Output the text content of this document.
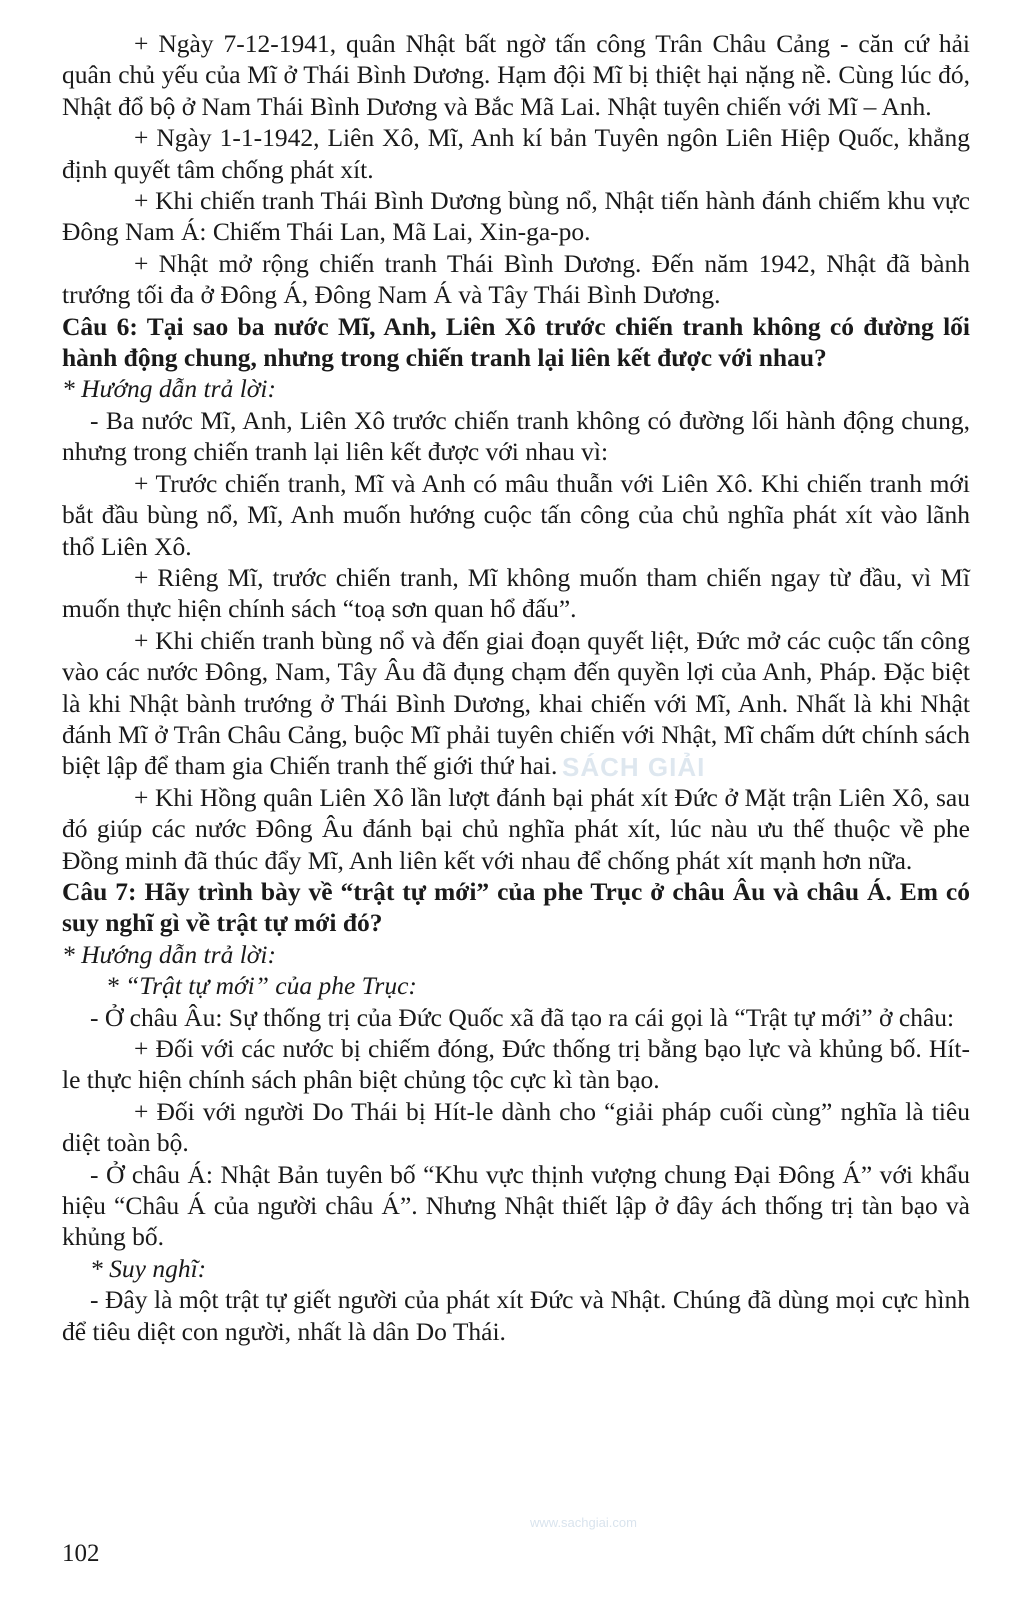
+ Ngày 7-12-1941, quân Nhật bất ngờ tấn công Trân Châu Cảng - căn cứ hải quân chủ yếu của Mĩ ở Thái Bình Dương. Hạm đội Mĩ bị thiệt hại nặng nề. Cùng lúc đó, Nhật đổ bộ ở Nam Thái Bình Dương và Bắc Mã Lai. Nhật tuyên chiến với Mĩ – Anh.

+ Ngày 1-1-1942, Liên Xô, Mĩ, Anh kí bản Tuyên ngôn Liên Hiệp Quốc, khẳng định quyết tâm chống phát xít.

+ Khi chiến tranh Thái Bình Dương bùng nổ, Nhật tiến hành đánh chiếm khu vực Đông Nam Á: Chiếm Thái Lan, Mã Lai, Xin-ga-po.

+ Nhật mở rộng chiến tranh Thái Bình Dương. Đến năm 1942, Nhật đã bành trướng tối đa ở Đông Á, Đông Nam Á và Tây Thái Bình Dương.

Câu 6: Tại sao ba nước Mĩ, Anh, Liên Xô trước chiến tranh không có đường lối hành động chung, nhưng trong chiến tranh lại liên kết được với nhau?

* Hướng dẫn trả lời:

- Ba nước Mĩ, Anh, Liên Xô trước chiến tranh không có đường lối hành động chung, nhưng trong chiến tranh lại liên kết được với nhau vì:

+ Trước chiến tranh, Mĩ và Anh có mâu thuẫn với Liên Xô. Khi chiến tranh mới bắt đầu bùng nổ, Mĩ, Anh muốn hướng cuộc tấn công của chủ nghĩa phát xít vào lãnh thổ Liên Xô.

+ Riêng Mĩ, trước chiến tranh, Mĩ không muốn tham chiến ngay từ đầu, vì Mĩ muốn thực hiện chính sách “toạ sơn quan hổ đấu”.

+ Khi chiến tranh bùng nổ và đến giai đoạn quyết liệt, Đức mở các cuộc tấn công vào các nước Đông, Nam, Tây Âu đã đụng chạm đến quyền lợi của Anh, Pháp. Đặc biệt là khi Nhật bành trướng ở Thái Bình Dương, khai chiến với Mĩ, Anh. Nhất là khi Nhật đánh Mĩ ở Trân Châu Cảng, buộc Mĩ phải tuyên chiến với Nhật, Mĩ chấm dứt chính sách biệt lập để tham gia Chiến tranh thế giới thứ hai.

+ Khi Hồng quân Liên Xô lần lượt đánh bại phát xít Đức ở Mặt trận Liên Xô, sau đó giúp các nước Đông Âu đánh bại chủ nghĩa phát xít, lúc nàu ưu thế thuộc về phe Đồng minh đã thúc đẩy Mĩ, Anh liên kết với nhau để chống phát xít mạnh hơn nữa.

Câu 7: Hãy trình bày về “trật tự mới” của phe Trục ở châu Âu và châu Á. Em có suy nghĩ gì về trật tự mới đó?

* Hướng dẫn trả lời:

* “Trật tự mới” của phe Trục:

- Ở châu Âu: Sự thống trị của Đức Quốc xã đã tạo ra cái gọi là “Trật tự mới” ở châu:

+ Đối với các nước bị chiếm đóng, Đức thống trị bằng bạo lực và khủng bố. Hít-le thực hiện chính sách phân biệt chủng tộc cực kì tàn bạo.

+ Đối với người Do Thái bị Hít-le dành cho “giải pháp cuối cùng” nghĩa là tiêu diệt toàn bộ.

- Ở châu Á: Nhật Bản tuyên bố “Khu vực thịnh vượng chung Đại Đông Á” với khẩu hiệu “Châu Á của người châu Á”. Nhưng Nhật thiết lập ở đây ách thống trị tàn bạo và khủng bố.

* Suy nghĩ:

- Đây là một trật tự giết người của phát xít Đức và Nhật. Chúng đã dùng mọi cực hình để tiêu diệt con người, nhất là dân Do Thái.

SÁCH GIẢI
www.sachgiai.com
102
